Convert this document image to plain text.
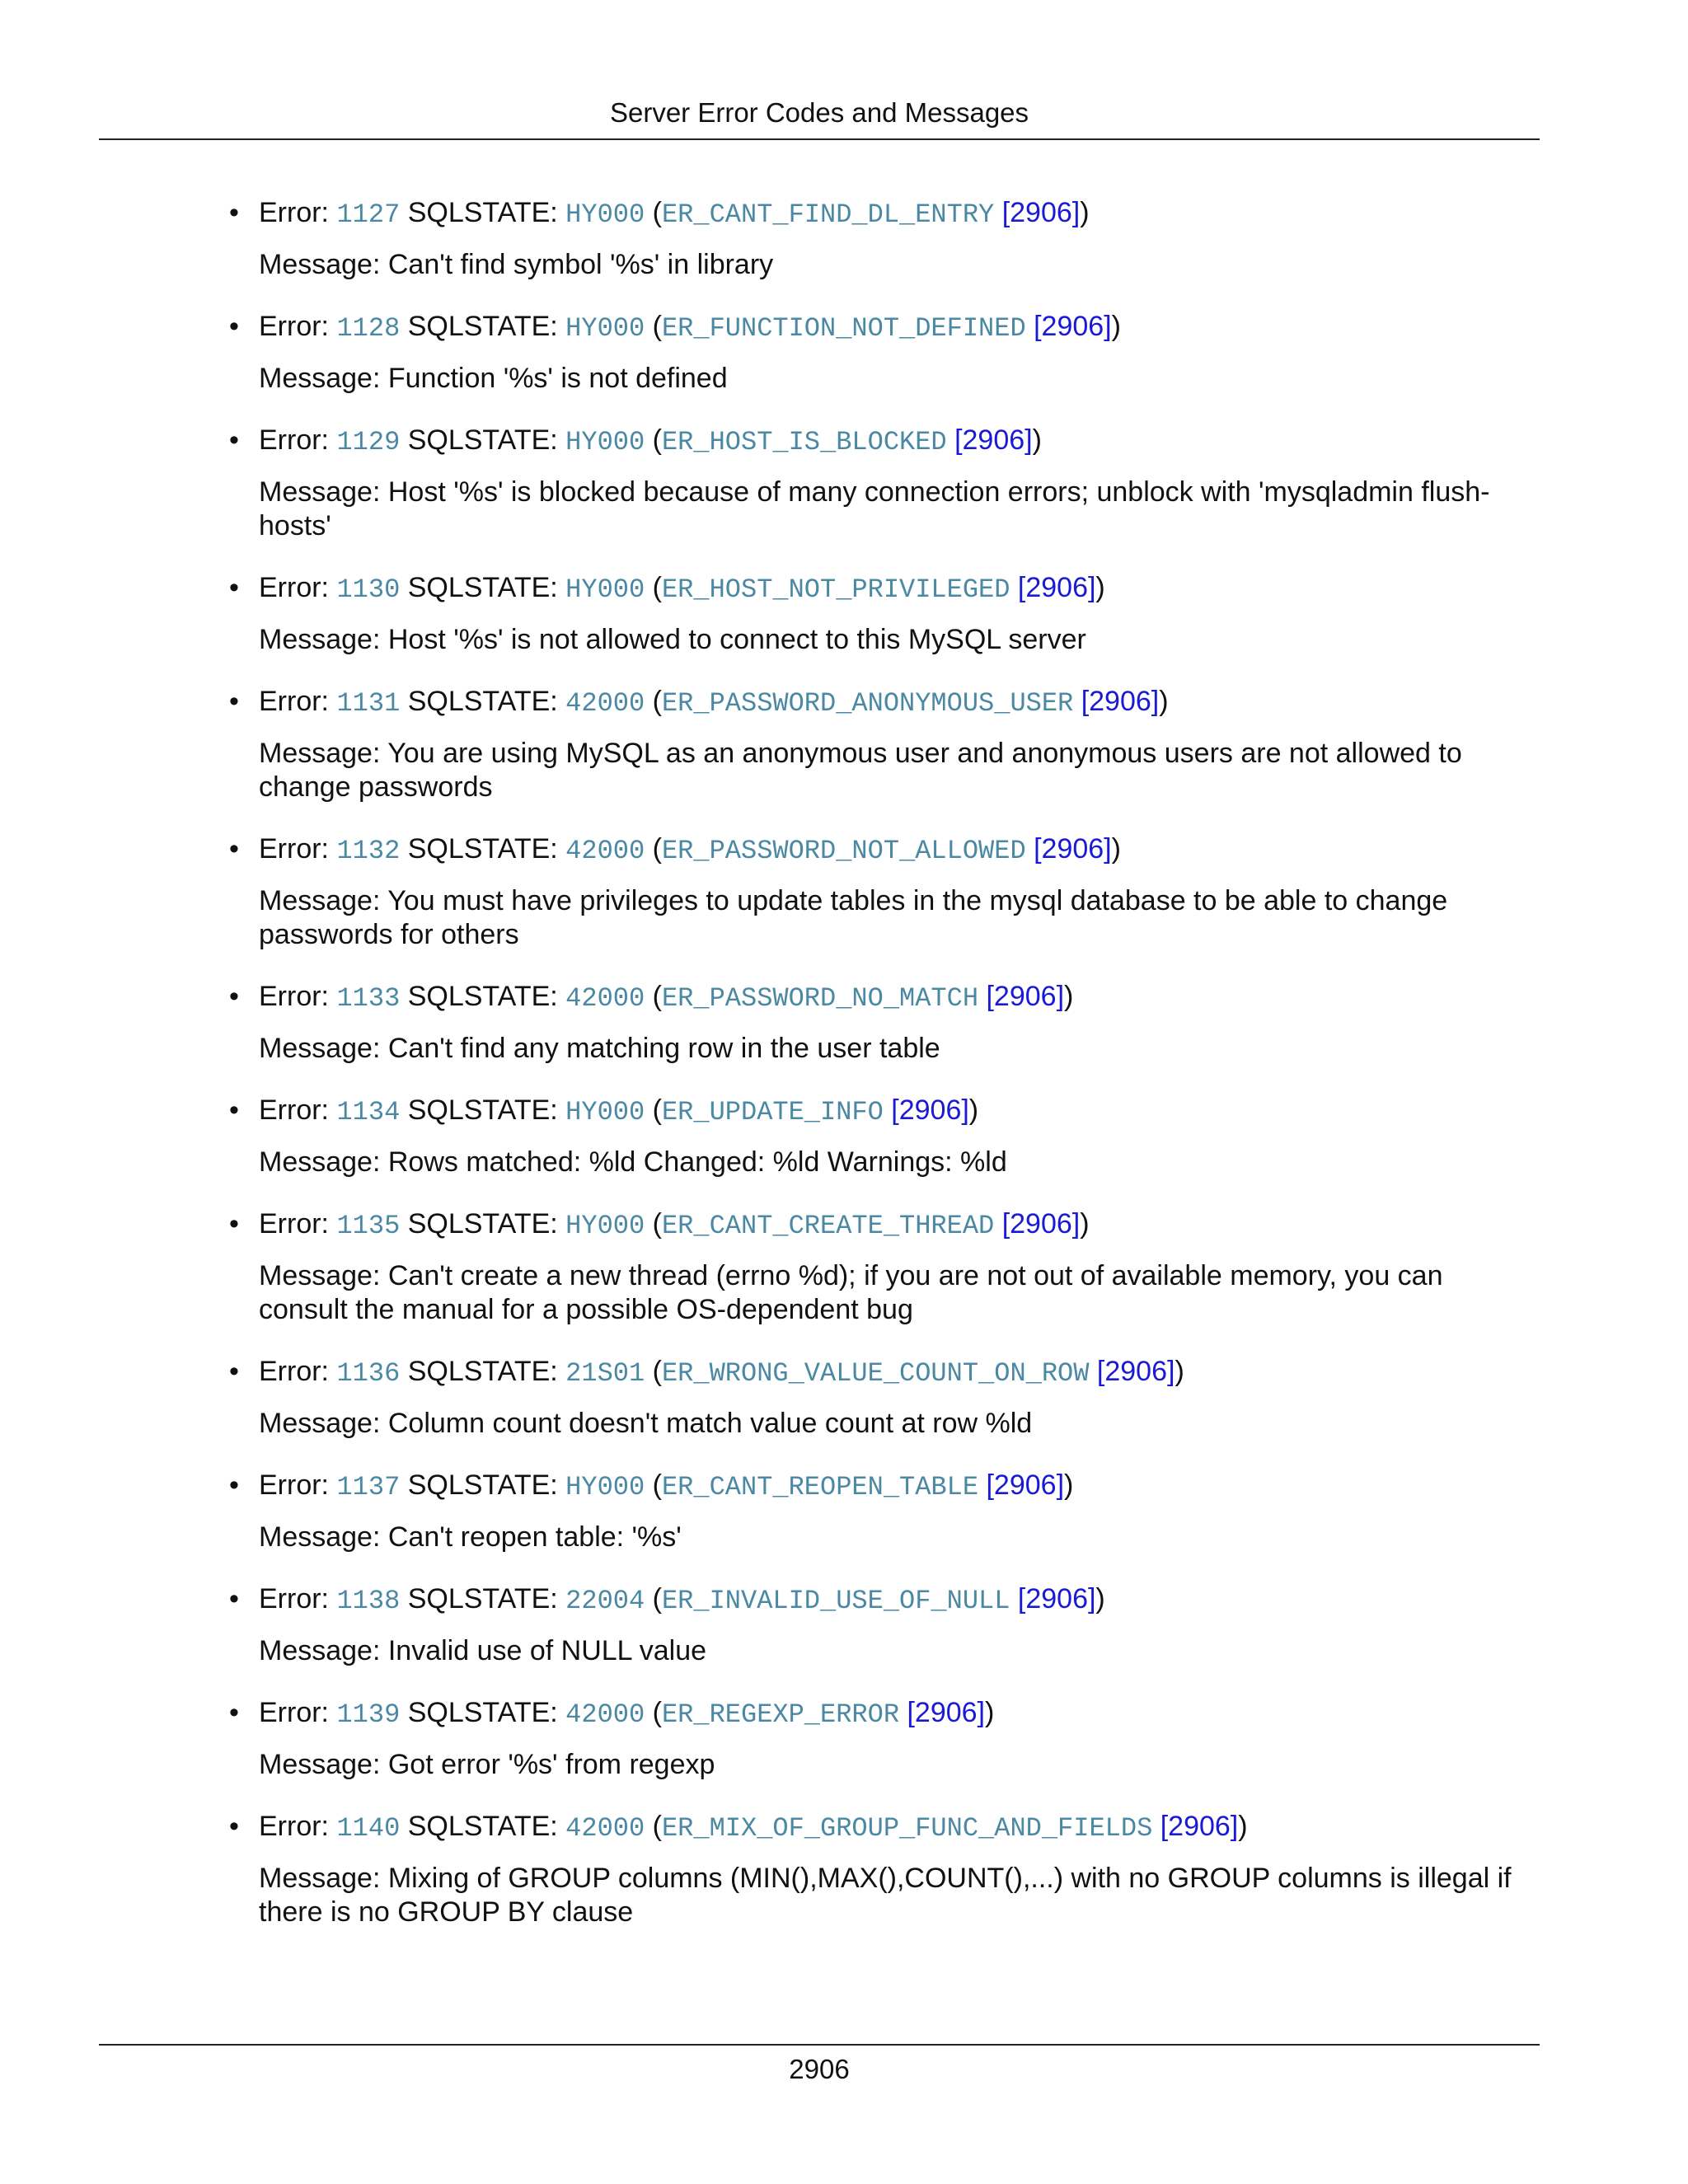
Server Error Codes and Messages
• Error: 1127 SQLSTATE: HY000 (ER_CANT_FIND_DL_ENTRY [2906])
Message: Can't find symbol '%s' in library
• Error: 1128 SQLSTATE: HY000 (ER_FUNCTION_NOT_DEFINED [2906])
Message: Function '%s' is not defined
• Error: 1129 SQLSTATE: HY000 (ER_HOST_IS_BLOCKED [2906])
Message: Host '%s' is blocked because of many connection errors; unblock with 'mysqladmin flush-hosts'
• Error: 1130 SQLSTATE: HY000 (ER_HOST_NOT_PRIVILEGED [2906])
Message: Host '%s' is not allowed to connect to this MySQL server
• Error: 1131 SQLSTATE: 42000 (ER_PASSWORD_ANONYMOUS_USER [2906])
Message: You are using MySQL as an anonymous user and anonymous users are not allowed to change passwords
• Error: 1132 SQLSTATE: 42000 (ER_PASSWORD_NOT_ALLOWED [2906])
Message: You must have privileges to update tables in the mysql database to be able to change passwords for others
• Error: 1133 SQLSTATE: 42000 (ER_PASSWORD_NO_MATCH [2906])
Message: Can't find any matching row in the user table
• Error: 1134 SQLSTATE: HY000 (ER_UPDATE_INFO [2906])
Message: Rows matched: %ld Changed: %ld Warnings: %ld
• Error: 1135 SQLSTATE: HY000 (ER_CANT_CREATE_THREAD [2906])
Message: Can't create a new thread (errno %d); if you are not out of available memory, you can consult the manual for a possible OS-dependent bug
• Error: 1136 SQLSTATE: 21S01 (ER_WRONG_VALUE_COUNT_ON_ROW [2906])
Message: Column count doesn't match value count at row %ld
• Error: 1137 SQLSTATE: HY000 (ER_CANT_REOPEN_TABLE [2906])
Message: Can't reopen table: '%s'
• Error: 1138 SQLSTATE: 22004 (ER_INVALID_USE_OF_NULL [2906])
Message: Invalid use of NULL value
• Error: 1139 SQLSTATE: 42000 (ER_REGEXP_ERROR [2906])
Message: Got error '%s' from regexp
• Error: 1140 SQLSTATE: 42000 (ER_MIX_OF_GROUP_FUNC_AND_FIELDS [2906])
Message: Mixing of GROUP columns (MIN(),MAX(),COUNT(),...) with no GROUP columns is illegal if there is no GROUP BY clause
2906
